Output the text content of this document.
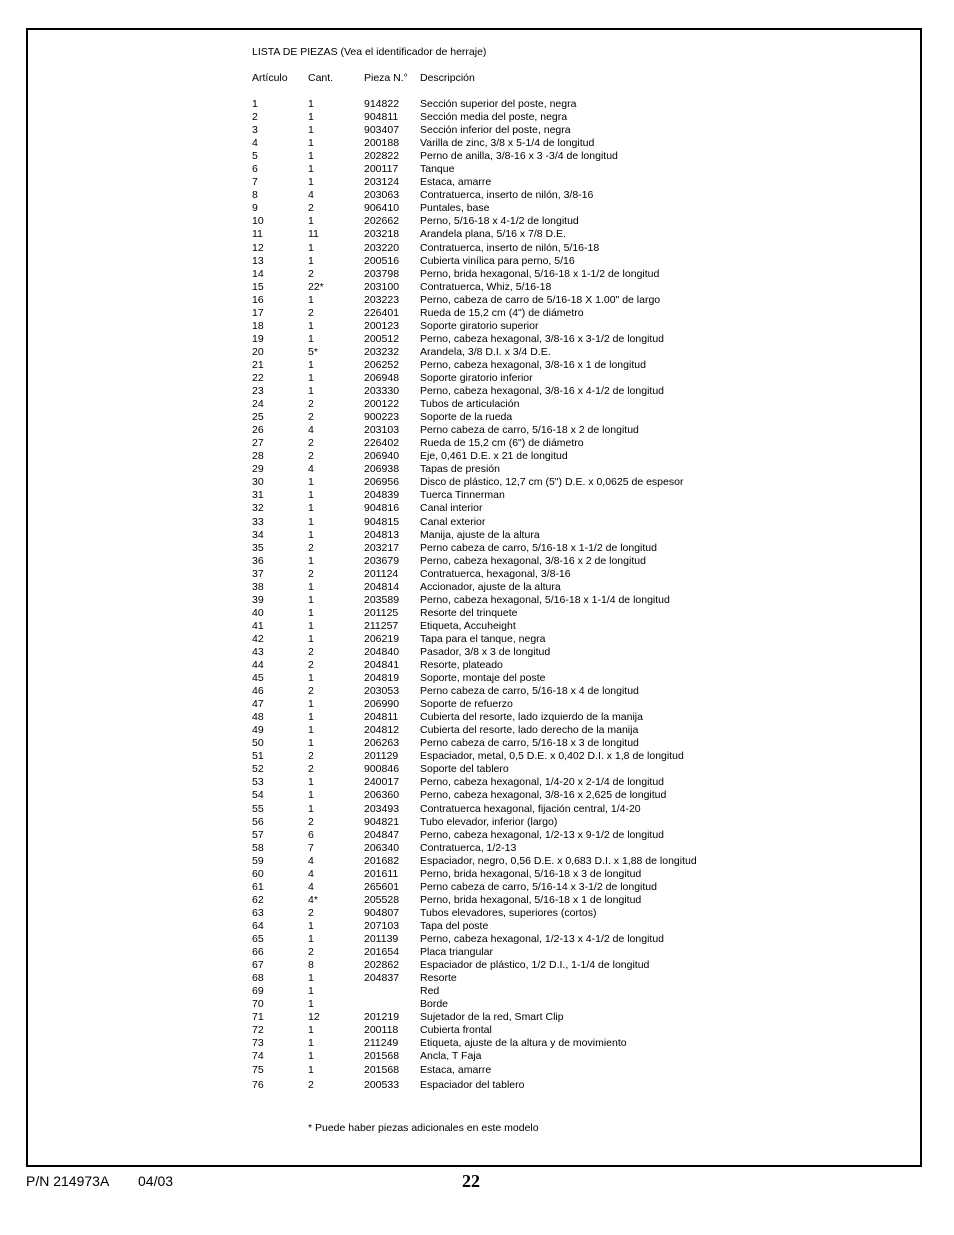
LISTA DE PIEZAS (Vea el identificador de herraje)
Artículo Cant.	Pieza N.° Descripción
1	1	914822 Sección superior del poste, negra
2	1	904811 Sección media del poste, negra
3	1	903407 Sección inferior del poste, negra
4	1	200188 Varilla de zinc, 3/8 x 5-1/4 de longitud
5	1	202822 Perno de anilla, 3/8-16 x 3 -3/4 de longitud
6	1	200117 Tanque
7	1	203124 Estaca, amarre
8	4	203063 Contratuerca, inserto de nilón, 3/8-16
9	2	906410 Puntales, base
10	1	202662 Perno, 5/16-18 x 4-1/2 de longitud
11	11	203218 Arandela plana, 5/16 x 7/8 D.E.
12	1	203220 Contratuerca, inserto de nilón, 5/16-18
13	1	200516 Cubierta vinílica para perno, 5/16
14	2	203798 Perno, brida hexagonal, 5/16-18 x 1-1/2 de longitud
15	22*	203100 Contratuerca, Whiz, 5/16-18
16	1	203223 Perno, cabeza de carro de 5/16-18 X 1.00" de largo
17	2	226401 Rueda de 15,2 cm (4") de diámetro
18	1	200123 Soporte giratorio superior
19	1	200512 Perno, cabeza hexagonal, 3/8-16 x 3-1/2 de longitud
20	5*	203232 Arandela, 3/8 D.I. x 3/4 D.E.
21	1	206252 Perno, cabeza hexagonal, 3/8-16 x 1 de longitud
22	1	206948 Soporte giratorio inferior
23	1	203330 Perno, cabeza hexagonal, 3/8-16 x 4-1/2 de longitud
24	2	200122 Tubos de articulación
25	2	900223 Soporte de la rueda
26	4	203103 Perno cabeza de carro, 5/16-18 x 2 de longitud
27	2	226402 Rueda de 15,2 cm (6") de diámetro
28	2	206940 Eje, 0,461 D.E. x 21 de longitud
29	4	206938 Tapas de presión
30	1	206956 Disco de plástico, 12,7 cm (5") D.E. x 0,0625 de espesor
31	1	204839 Tuerca Tinnerman
32	1	904816 Canal interior
33	1	904815 Canal exterior
34	1	204813 Manija, ajuste de la altura
35	2	203217 Perno cabeza de carro, 5/16-18 x 1-1/2 de longitud
36	1	203679 Perno, cabeza hexagonal, 3/8-16 x 2 de longitud
37	2	201124 Contratuerca, hexagonal, 3/8-16
38	1	204814 Accionador, ajuste de la altura
39	1	203589 Perno, cabeza hexagonal, 5/16-18 x 1-1/4 de longitud
40	1	201125 Resorte del trinquete
41	1	211257 Etiqueta, Accuheight
42	1	206219 Tapa para el tanque, negra
43	2	204840 Pasador, 3/8 x 3 de longitud
44	2	204841 Resorte, plateado
45	1	204819 Soporte, montaje del poste
46	2	203053 Perno cabeza de carro, 5/16-18 x 4 de longitud
47	1	206990 Soporte de refuerzo
48	1	204811 Cubierta del resorte, lado izquierdo de la manija
49	1	204812 Cubierta del resorte, lado derecho de la manija
50	1	206263 Perno cabeza de carro, 5/16-18 x 3 de longitud
51	2	201129 Espaciador, metal, 0,5 D.E. x 0,402 D.I. x 1,8 de longitud
52	2	900846 Soporte del tablero
53	1	240017 Perno, cabeza hexagonal, 1/4-20 x 2-1/4 de longitud
54	1	206360 Perno, cabeza hexagonal, 3/8-16 x 2,625 de longitud
55	1	203493 Contratuerca hexagonal, fijación central, 1/4-20
56	2	904821 Tubo elevador, inferior (largo)
57	6	204847 Perno, cabeza hexagonal, 1/2-13 x 9-1/2 de longitud
58	7	206340 Contratuerca, 1/2-13
59	4	201682 Espaciador, negro, 0,56 D.E. x 0,683 D.I. x 1,88 de longitud
60	4	201611 Perno, brida hexagonal, 5/16-18 x 3 de longitud
61	4	265601 Perno cabeza de carro, 5/16-14 x 3-1/2 de longitud
62	4*	205528 Perno, brida hexagonal, 5/16-18 x 1 de longitud
63	2	904807 Tubos elevadores, superiores (cortos)
64	1	207103 Tapa del poste
65	1	201139 Perno, cabeza hexagonal, 1/2-13 x 4-1/2 de longitud
66	2	201654 Placa triangular
67	8	202862 Espaciador de plástico, 1/2 D.I., 1-1/4 de longitud
68	1	204837 Resorte
69	1	Red
70	1	Borde
71	12	201219 Sujetador de la red, Smart Clip
72	1	200118 Cubierta frontal
73	1	211249 Etiqueta, ajuste de la altura y de movimiento
74	1	201568 Ancla, T Faja
75	1	201568 Estaca, amarre
76	2	200533 Espaciador del tablero
* Puede haber piezas adicionales en este modelo
P/N 214973A 04/03	22
